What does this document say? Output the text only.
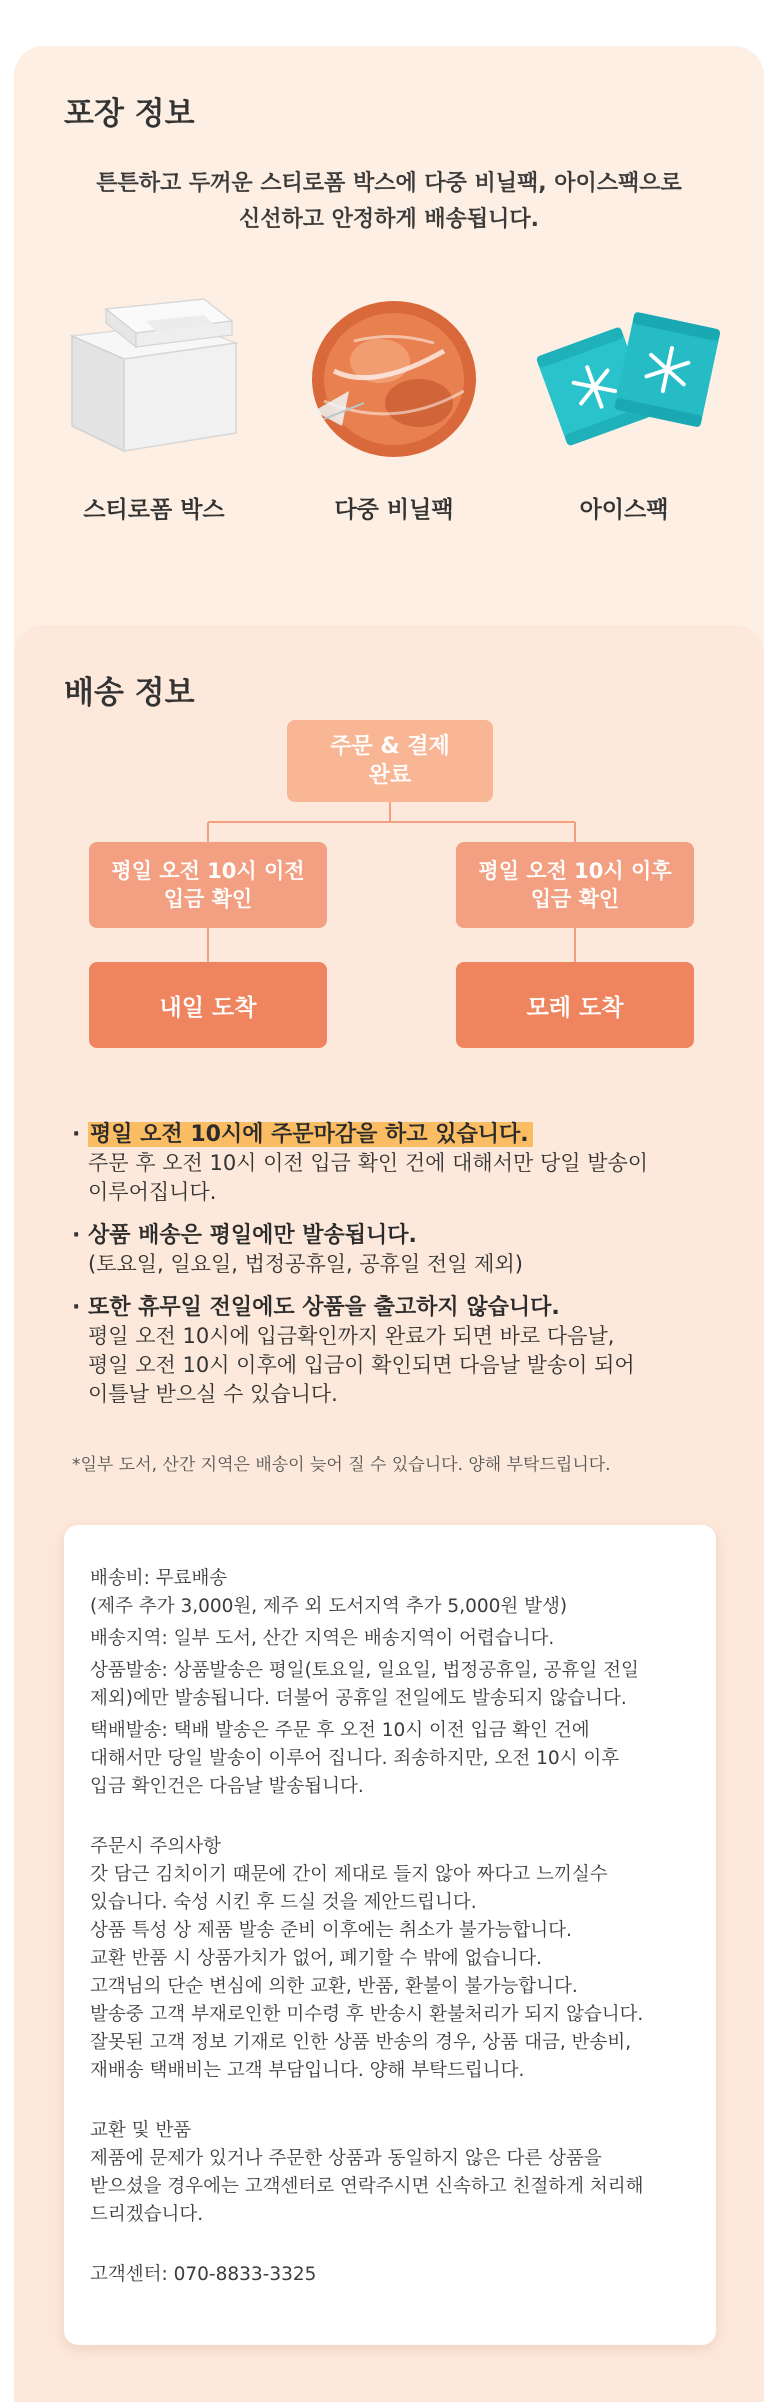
포장 정보
튼튼하고 두꺼운 스티로폼 박스에 다중 비닐팩, 아이스팩으로
신선하고 안정하게 배송됩니다.
스티로폼 박스	다중 비닐팩	아이스팩
배송 정보
주문 & 결제
완료
평일 오전 10시 이전
입금 확인
평일 오전 10시 이후
입금 확인
내일 도착	모레 도착
· 평일 오전 10시에 주문마감을 하고 있습니다.
주문 후 오전 10시 이전 입금 확인 건에 대해서만 당일 발송이
이루어집니다.
· 상품 배송은 평일에만 발송됩니다.
(토요일, 일요일, 법정공휴일, 공휴일 전일 제외)
· 또한 휴무일 전일에도 상품을 출고하지 않습니다.
평일 오전 10시에 입금확인까지 완료가 되면 바로 다음날,
평일 오전 10시 이후에 입금이 확인되면 다음날 발송이 되어
이틀날 받으실 수 있습니다.
*일부 도서, 산간 지역은 배송이 늦어 질 수 있습니다. 양해 부탁드립니다.
배송비: 무료배송
(제주 추가 3,000원, 제주 외 도서지역 추가 5,000원 발생)
배송지역: 일부 도서, 산간 지역은 배송지역이 어렵습니다.
상품발송: 상품발송은 평일(토요일, 일요일, 법정공휴일, 공휴일 전일
제외)에만 발송됩니다. 더불어 공휴일 전일에도 발송되지 않습니다.
택배발송: 택배 발송은 주문 후 오전 10시 이전 입금 확인 건에
대해서만 당일 발송이 이루어 집니다. 죄송하지만, 오전 10시 이후
입금 확인건은 다음날 발송됩니다.
주문시 주의사항
갓 담근 김치이기 때문에 간이 제대로 들지 않아 짜다고 느끼실수
있습니다. 숙성 시킨 후 드실 것을 제안드립니다.
상품 특성 상 제품 발송 준비 이후에는 취소가 불가능합니다.
교환 반품 시 상품가치가 없어, 폐기할 수 밖에 없습니다.
고객님의 단순 변심에 의한 교환, 반품, 환불이 불가능합니다.
발송중 고객 부재로인한 미수령 후 반송시 환불처리가 되지 않습니다.
잘못된 고객 정보 기재로 인한 상품 반송의 경우, 상품 대금, 반송비,
재배송 택배비는 고객 부담입니다. 양해 부탁드립니다.
교환 및 반품
제품에 문제가 있거나 주문한 상품과 동일하지 않은 다른 상품을
받으셨을 경우에는 고객센터로 연락주시면 신속하고 친절하게 처리해
드리겠습니다.
고객센터: 070-8833-3325
